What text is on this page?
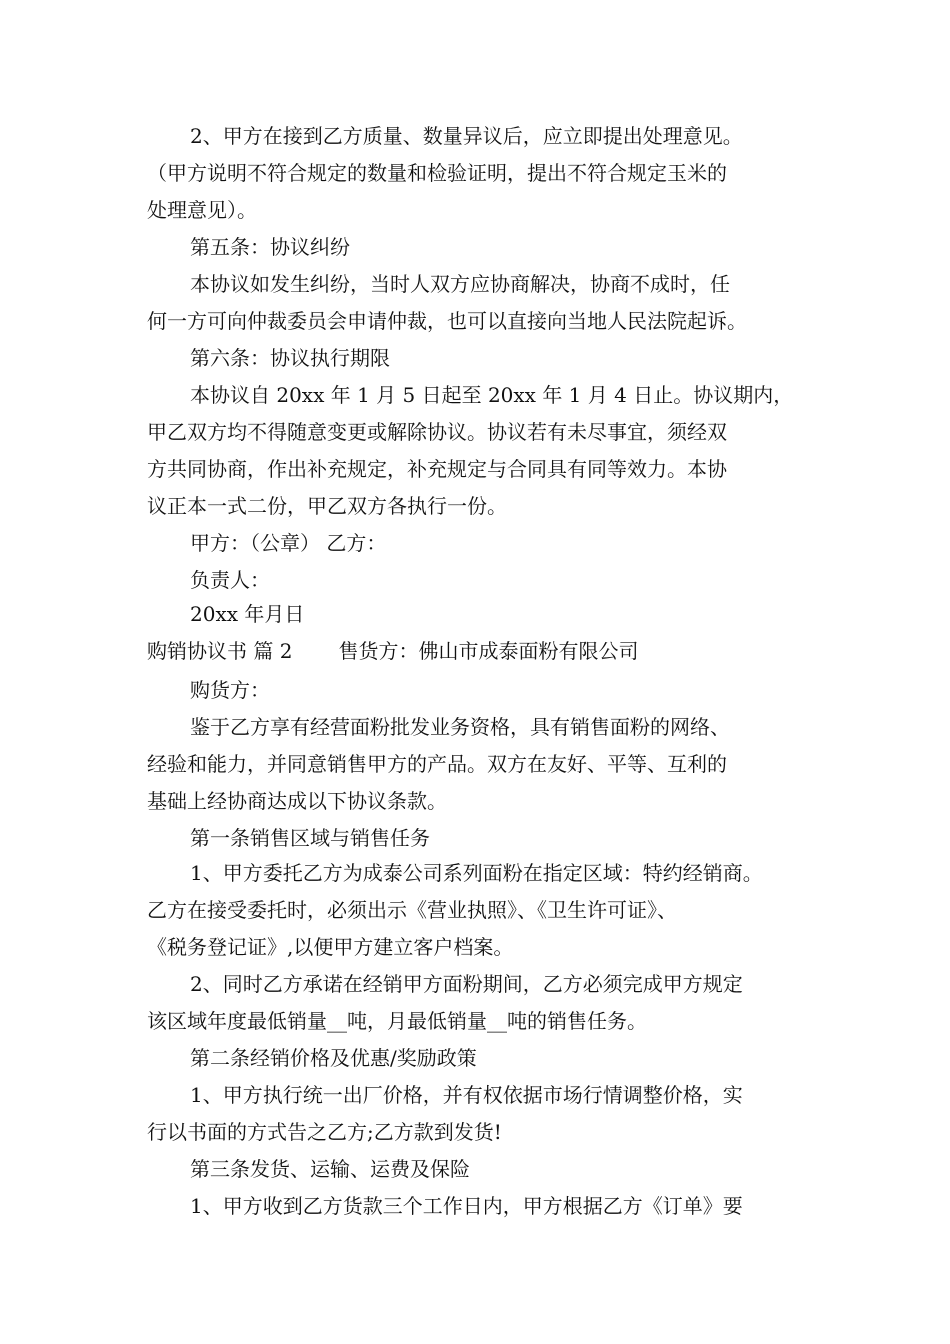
2、甲方在接到乙方质量、数量异议后，应立即提出处理意见。
（甲方说明不符合规定的数量和检验证明，提出不符合规定玉米的
处理意见）。
第五条：协议纠纷
本协议如发生纠纷，当时人双方应协商解决，协商不成时，任
何一方可向仲裁委员会申请仲裁，也可以直接向当地人民法院起诉。
第六条：协议执行期限
本协议自 20xx 年 1 月 5 日起至 20xx 年 1 月 4 日止。协议期内，
甲乙双方均不得随意变更或解除协议。协议若有未尽事宜，须经双
方共同协商，作出补充规定，补充规定与合同具有同等效力。本协
议正本一式二份，甲乙双方各执行一份。
甲方：（公章） 乙方：
负责人：
20xx 年月日
购销协议书 篇 2 售货方：佛山市成泰面粉有限公司
购货方：
鉴于乙方享有经营面粉批发业务资格，具有销售面粉的网络、
经验和能力，并同意销售甲方的产品。双方在友好、平等、互利的
基础上经协商达成以下协议条款。
第一条销售区域与销售任务
1、甲方委托乙方为成泰公司系列面粉在指定区域：特约经销商。
乙方在接受委托时，必须出示《营业执照》、《卫生许可证》、
《税务登记证》,以便甲方建立客户档案。
2、同时乙方承诺在经销甲方面粉期间，乙方必须完成甲方规定
该区域年度最低销量__吨，月最低销量__吨的销售任务。
第二条经销价格及优惠/奖励政策
1、甲方执行统一出厂价格，并有权依据市场行情调整价格，实
行以书面的方式告之乙方;乙方款到发货!
第三条发货、运输、运费及保险
1、甲方收到乙方货款三个工作日内，甲方根据乙方《订单》要
